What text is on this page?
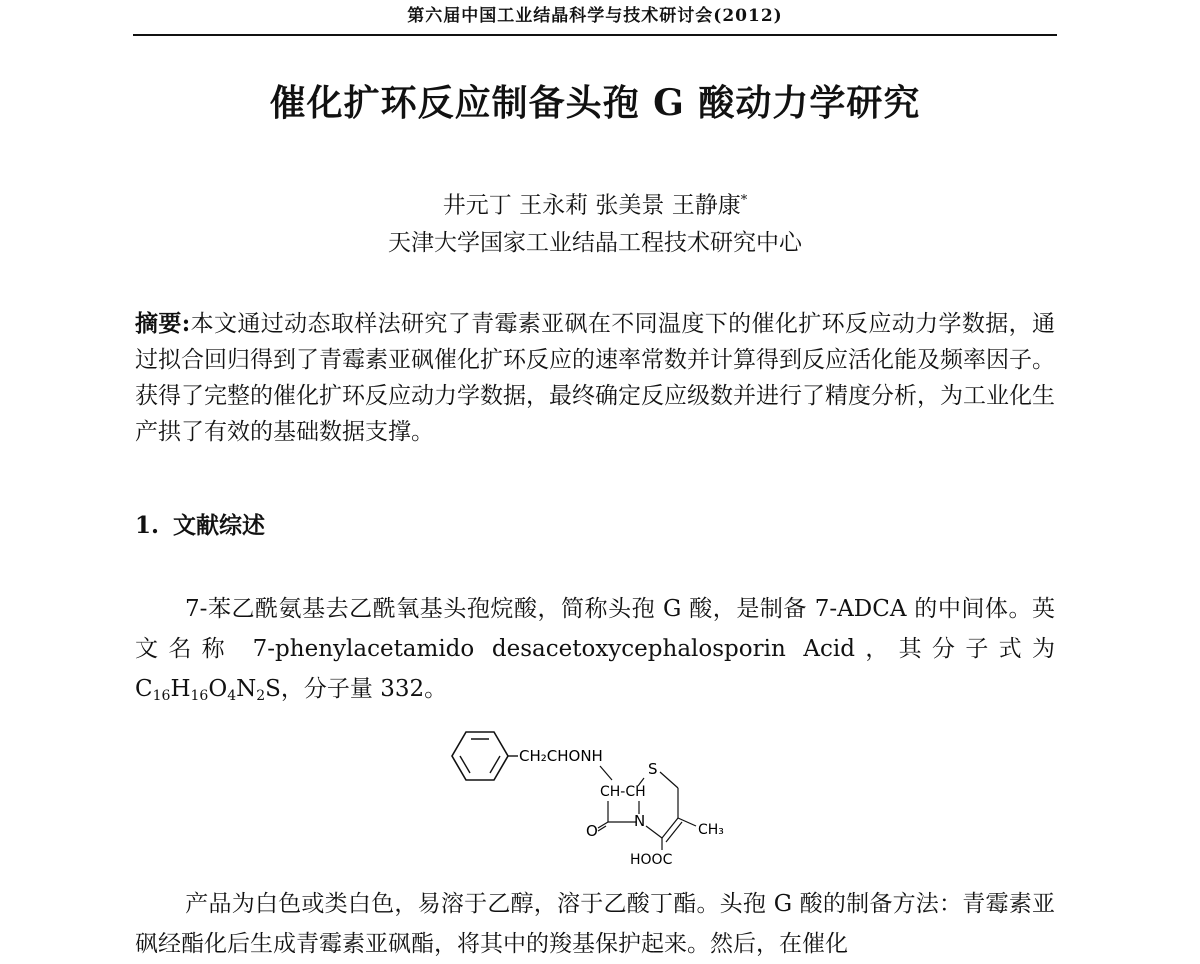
第六届中国工业结晶科学与技术研讨会(2012)
催化扩环反应制备头孢 G 酸动力学研究
井元丁 王永莉 张美景 王静康*
天津大学国家工业结晶工程技术研究中心
摘要:本文通过动态取样法研究了青霉素亚砜在不同温度下的催化扩环反应动力学数据，通过拟合回归得到了青霉素亚砜催化扩环反应的速率常数并计算得到反应活化能及频率因子。获得了完整的催化扩环反应动力学数据，最终确定反应级数并进行了精度分析，为工业化生产拱了有效的基础数据支撑。
1. 文献综述
7-苯乙酰氨基去乙酰氧基头孢烷酸，简称头孢 G 酸，是制备 7-ADCA 的中间体。英文名称 7-phenylacetamido desacetoxycephalosporin Acid，其分子式为$C_{16}H_{16}O_4N_2S$，分子量 332。
CH₂CHONH
S
CH-CH
N
O	CH₃
HOOC
产品为白色或类白色，易溶于乙醇，溶于乙酸丁酯。头孢 G 酸的制备方法：青霉素亚砜经酯化后生成青霉素亚砜酯，将其中的羧基保护起来。然后，在催化
